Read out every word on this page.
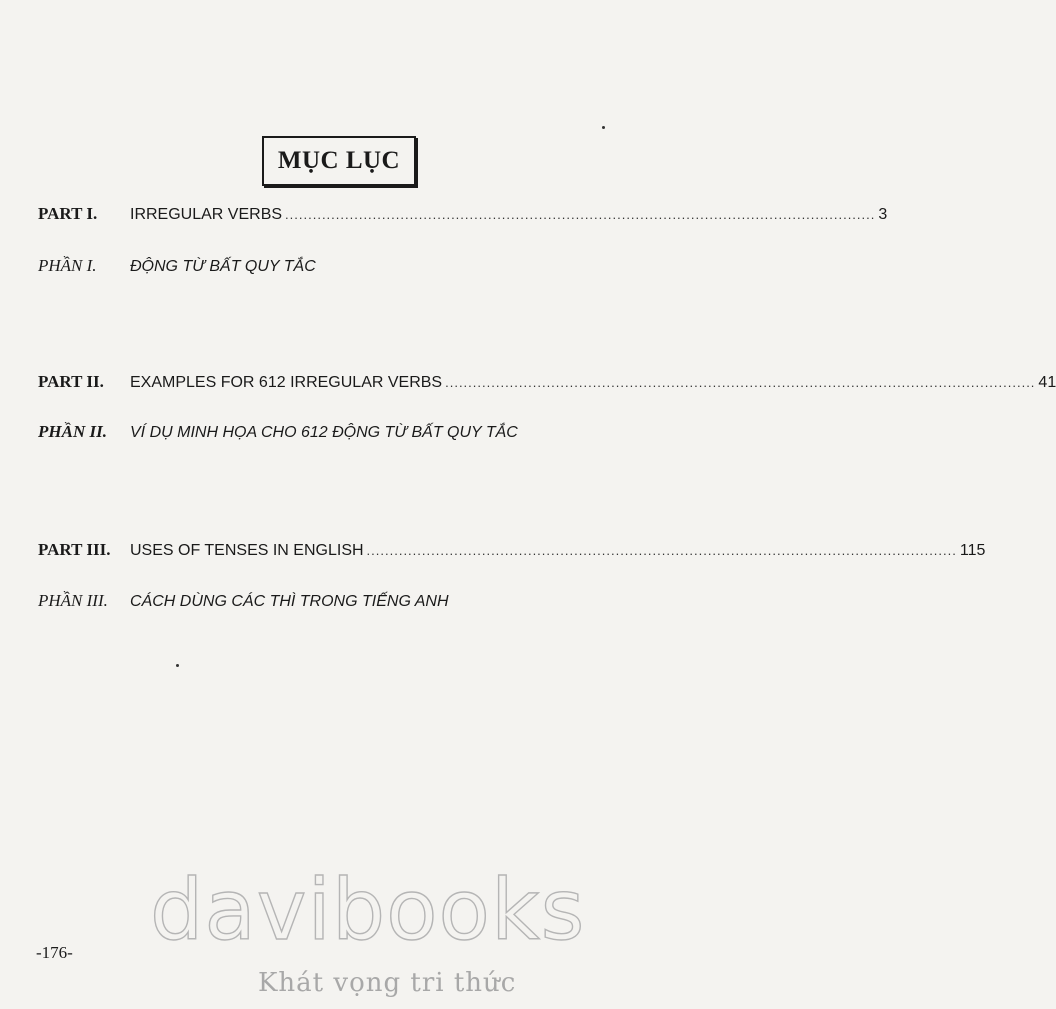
MỤC LỤC
PART I.	IRREGULAR VERBS ................................................................................................................................ 3
PHẦN I.	ĐỘNG TỪ BẤT QUY TẮC
PART II.	EXAMPLES FOR 612 IRREGULAR VERBS ................................................................................................................................ 41
PHẦN II.	VÍ DỤ MINH HỌA CHO 612 ĐỘNG TỪ BẤT QUY TẮC
PART III.	USES OF TENSES IN ENGLISH ................................................................................................................................ 115
PHẦN III.	CÁCH DÙNG CÁC THÌ TRONG TIẾNG ANH
-176- davibooks
Khát vọng tri thức
